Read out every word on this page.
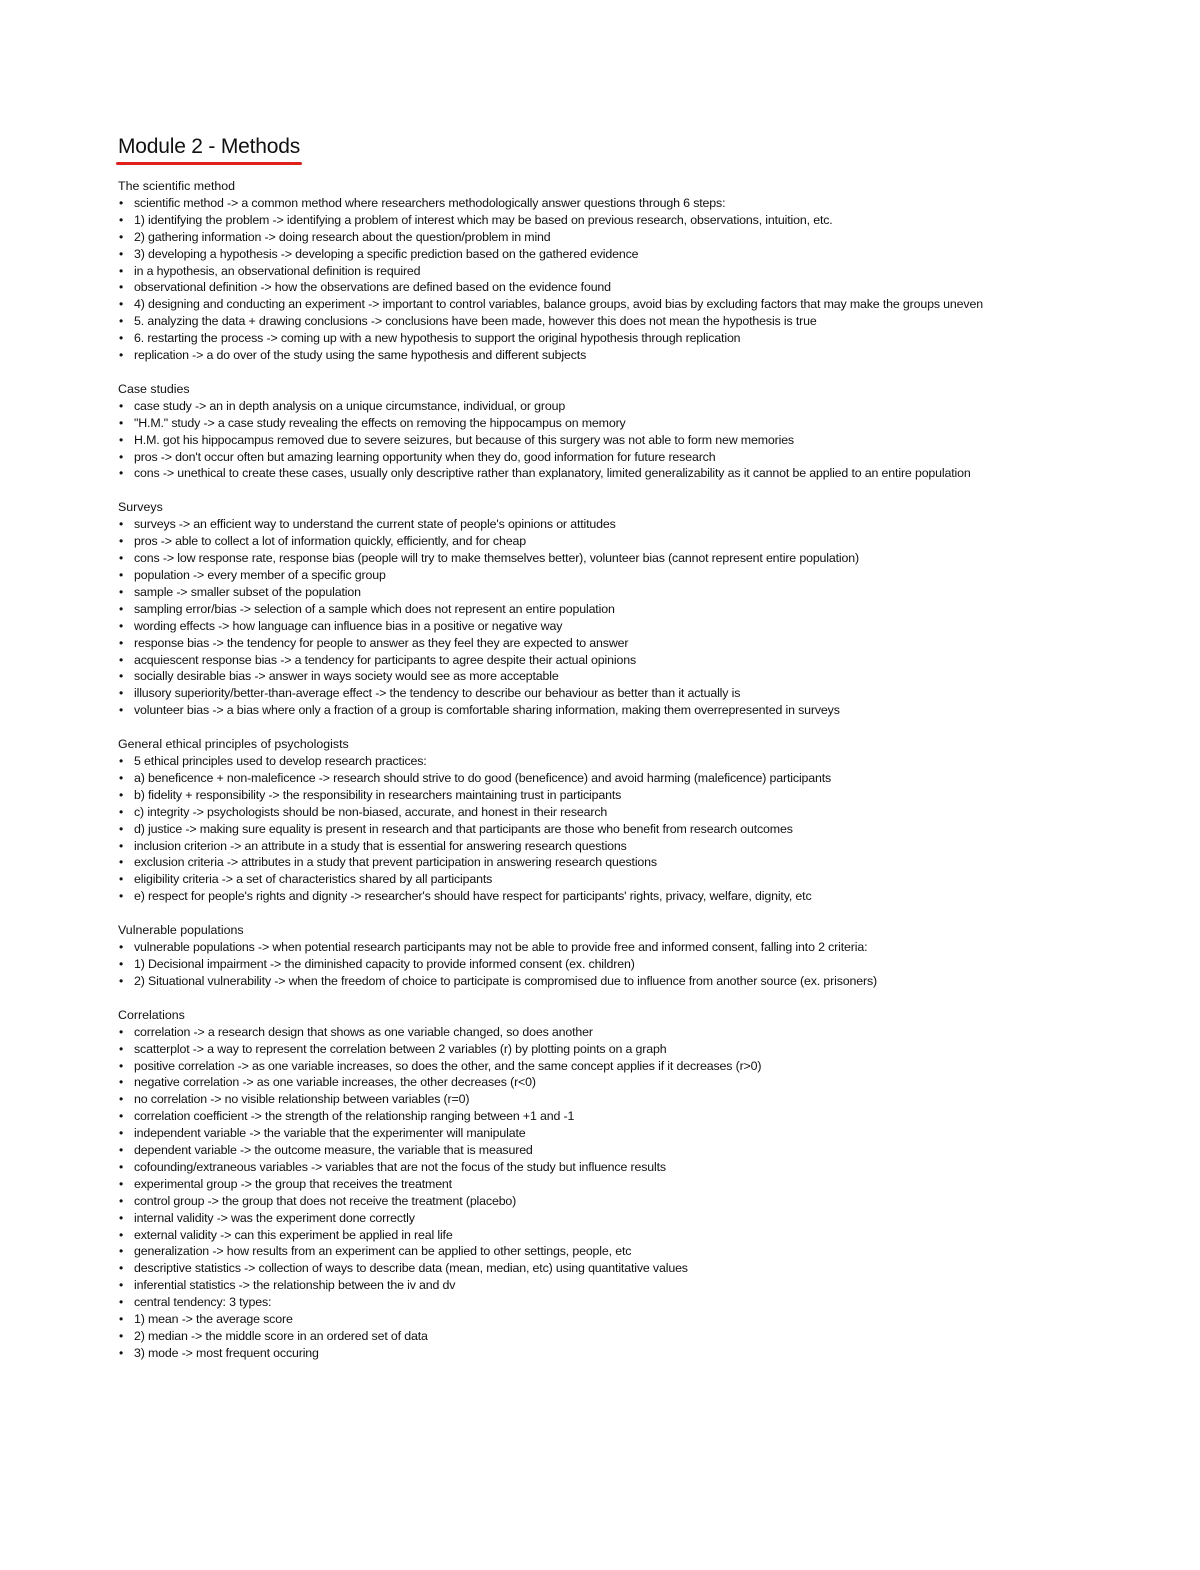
Module 2 - Methods
The scientific method
• scientific method -> a common method where researchers methodologically answer questions through 6 steps:
• 1) identifying the problem -> identifying a problem of interest which may be based on previous research, observations, intuition, etc.
• 2) gathering information -> doing research about the question/problem in mind
• 3) developing a hypothesis -> developing a specific prediction based on the gathered evidence
• in a hypothesis, an observational definition is required
• observational definition -> how the observations are defined based on the evidence found
• 4) designing and conducting an experiment -> important to control variables, balance groups, avoid bias by excluding factors that may make the groups uneven
• 5. analyzing the data + drawing conclusions -> conclusions have been made, however this does not mean the hypothesis is true
• 6. restarting the process -> coming up with a new hypothesis to support the original hypothesis through replication
• replication -> a do over of the study using the same hypothesis and different subjects
Case studies
• case study -> an in depth analysis on a unique circumstance, individual, or group
• "H.M." study -> a case study revealing the effects on removing the hippocampus on memory
• H.M. got his hippocampus removed due to severe seizures, but because of this surgery was not able to form new memories
• pros -> don't occur often but amazing learning opportunity when they do, good information for future research
• cons -> unethical to create these cases, usually only descriptive rather than explanatory, limited generalizability as it cannot be applied to an entire population
Surveys
• surveys -> an efficient way to understand the current state of people's opinions or attitudes
• pros -> able to collect a lot of information quickly, efficiently, and for cheap
• cons -> low response rate, response bias (people will try to make themselves better), volunteer bias (cannot represent entire population)
• population -> every member of a specific group
• sample -> smaller subset of the population
• sampling error/bias -> selection of a sample which does not represent an entire population
• wording effects -> how language can influence bias in a positive or negative way
• response bias -> the tendency for people to answer as they feel they are expected to answer
• acquiescent response bias -> a tendency for participants to agree despite their actual opinions
• socially desirable bias -> answer in ways society would see as more acceptable
• illusory superiority/better-than-average effect -> the tendency to describe our behaviour as better than it actually is
• volunteer bias -> a bias where only a fraction of a group is comfortable sharing information, making them overrepresented in surveys
General ethical principles of psychologists
• 5 ethical principles used to develop research practices:
• a) beneficence + non-maleficence -> research should strive to do good (beneficence) and avoid harming (maleficence) participants
• b) fidelity + responsibility -> the responsibility in researchers maintaining trust in participants
• c) integrity -> psychologists should be non-biased, accurate, and honest in their research
• d) justice -> making sure equality is present in research and that participants are those who benefit from research outcomes
• inclusion criterion -> an attribute in a study that is essential for answering research questions
• exclusion criteria -> attributes in a study that prevent participation in answering research questions
• eligibility criteria -> a set of characteristics shared by all participants
• e) respect for people's rights and dignity -> researcher's should have respect for participants' rights, privacy, welfare, dignity, etc
Vulnerable populations
• vulnerable populations -> when potential research participants may not be able to provide free and informed consent, falling into 2 criteria:
• 1) Decisional impairment -> the diminished capacity to provide informed consent (ex. children)
• 2) Situational vulnerability -> when the freedom of choice to participate is compromised due to influence from another source (ex. prisoners)
Correlations
• correlation -> a research design that shows as one variable changed, so does another
• scatterplot -> a way to represent the correlation between 2 variables (r) by plotting points on a graph
• positive correlation -> as one variable increases, so does the other, and the same concept applies if it decreases (r>0)
• negative correlation -> as one variable increases, the other decreases (r<0)
• no correlation -> no visible relationship between variables (r=0)
• correlation coefficient -> the strength of the relationship ranging between +1 and -1
• independent variable -> the variable that the experimenter will manipulate
• dependent variable -> the outcome measure, the variable that is measured
• cofounding/extraneous variables -> variables that are not the focus of the study but influence results
• experimental group -> the group that receives the treatment
• control group -> the group that does not receive the treatment (placebo)
• internal validity -> was the experiment done correctly
• external validity -> can this experiment be applied in real life
• generalization -> how results from an experiment can be applied to other settings, people, etc
• descriptive statistics -> collection of ways to describe data (mean, median, etc) using quantitative values
• inferential statistics -> the relationship between the iv and dv
• central tendency: 3 types:
• 1) mean -> the average score
• 2) median -> the middle score in an ordered set of data
• 3) mode -> most frequent occuring
